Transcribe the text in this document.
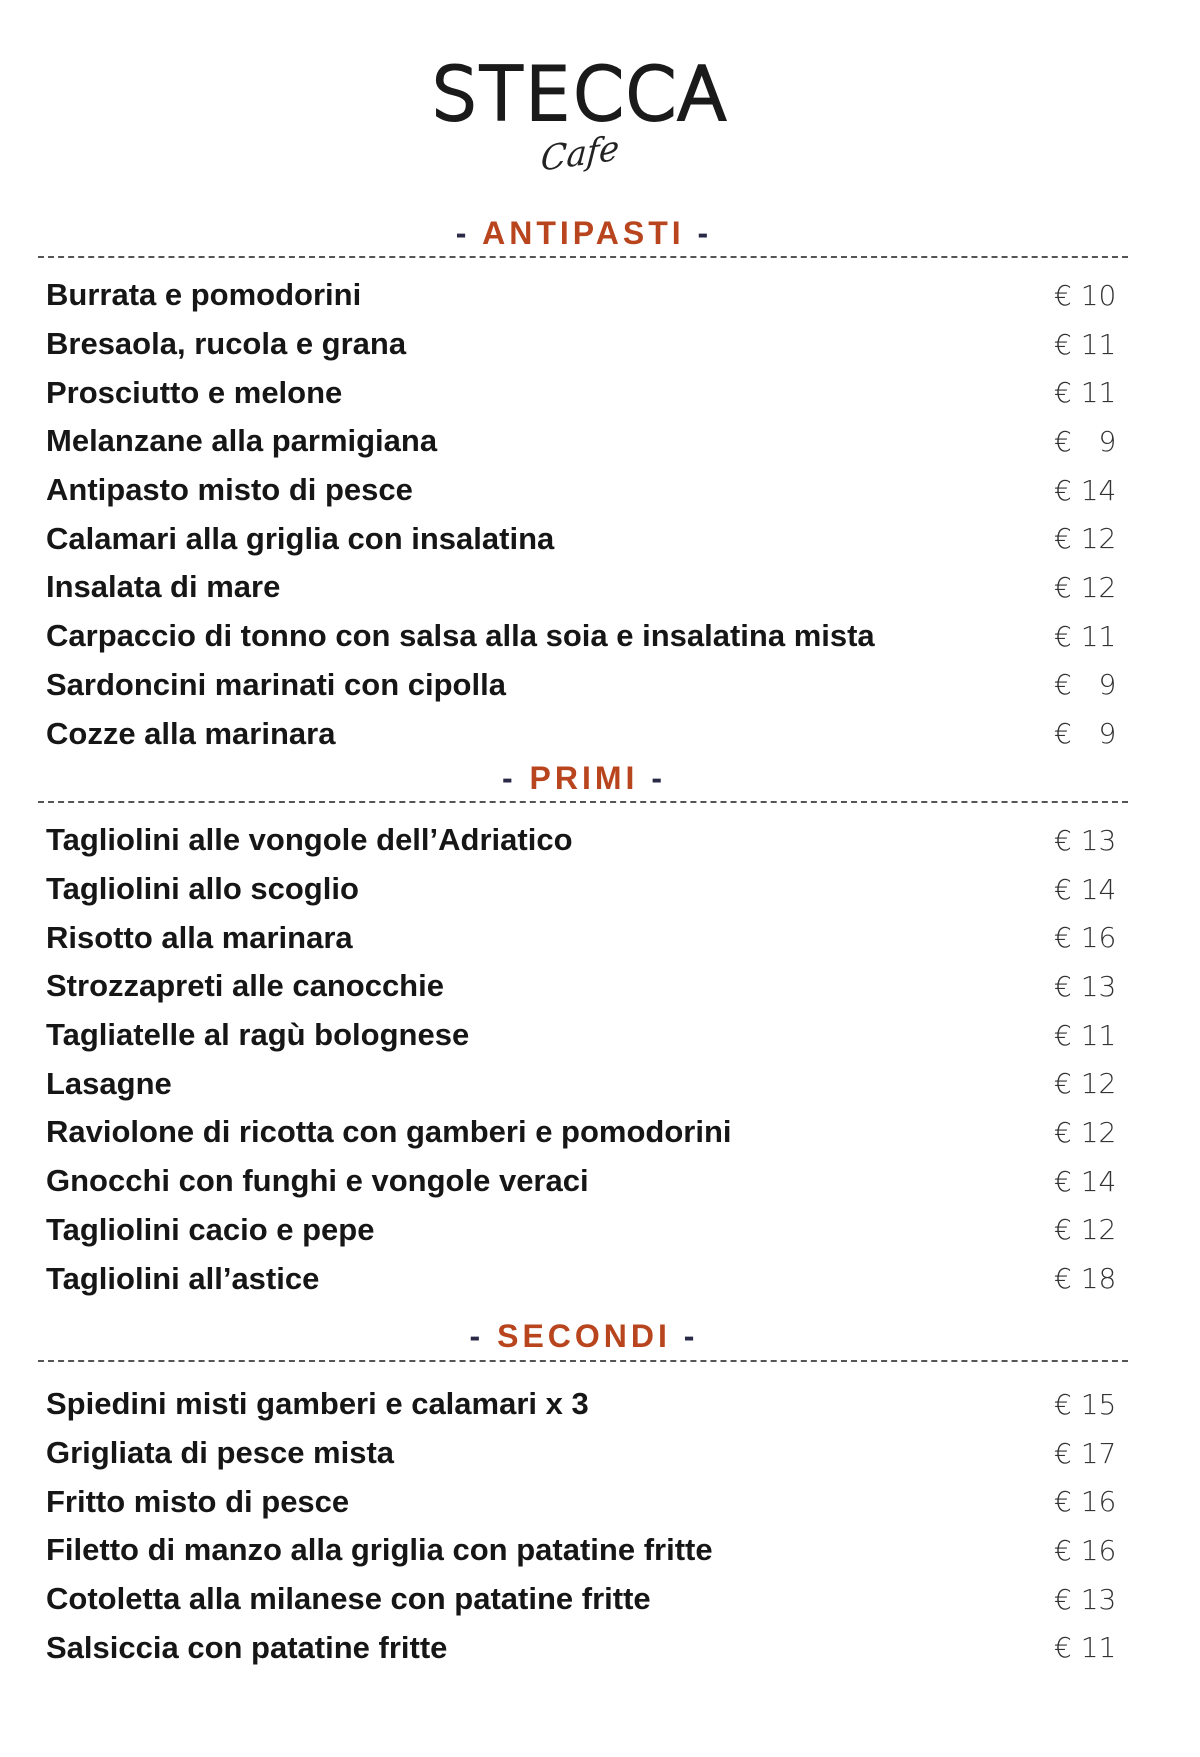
STECCA
Cafe
- ANTIPASTI -
Burrata e pomodorini	€ 10
Bresaola, rucola e grana	€ 11
Prosciutto e melone	€ 11
Melanzane alla parmigiana	€   9
Antipasto misto di pesce	€ 14
Calamari alla griglia con insalatina	€ 12
Insalata di mare	€ 12
Carpaccio di tonno con salsa alla soia e insalatina mista	€ 11
Sardoncini marinati con cipolla	€   9
Cozze alla marinara	€   9
- PRIMI -
Tagliolini alle vongole dell’Adriatico	€ 13
Tagliolini allo scoglio	€ 14
Risotto alla marinara	€ 16
Strozzapreti alle canocchie	€ 13
Tagliatelle al ragù bolognese	€ 11
Lasagne	€ 12
Raviolone di ricotta con gamberi e pomodorini	€ 12
Gnocchi con funghi e vongole veraci	€ 14
Tagliolini cacio e pepe	€ 12
Tagliolini all’astice	€ 18
- SECONDI -
Spiedini misti gamberi e calamari x 3	€ 15
Grigliata di pesce mista	€ 17
Fritto misto di pesce	€ 16
Filetto di manzo alla griglia con patatine fritte	€ 16
Cotoletta alla milanese con patatine fritte	€ 13
Salsiccia con patatine fritte	€ 11
